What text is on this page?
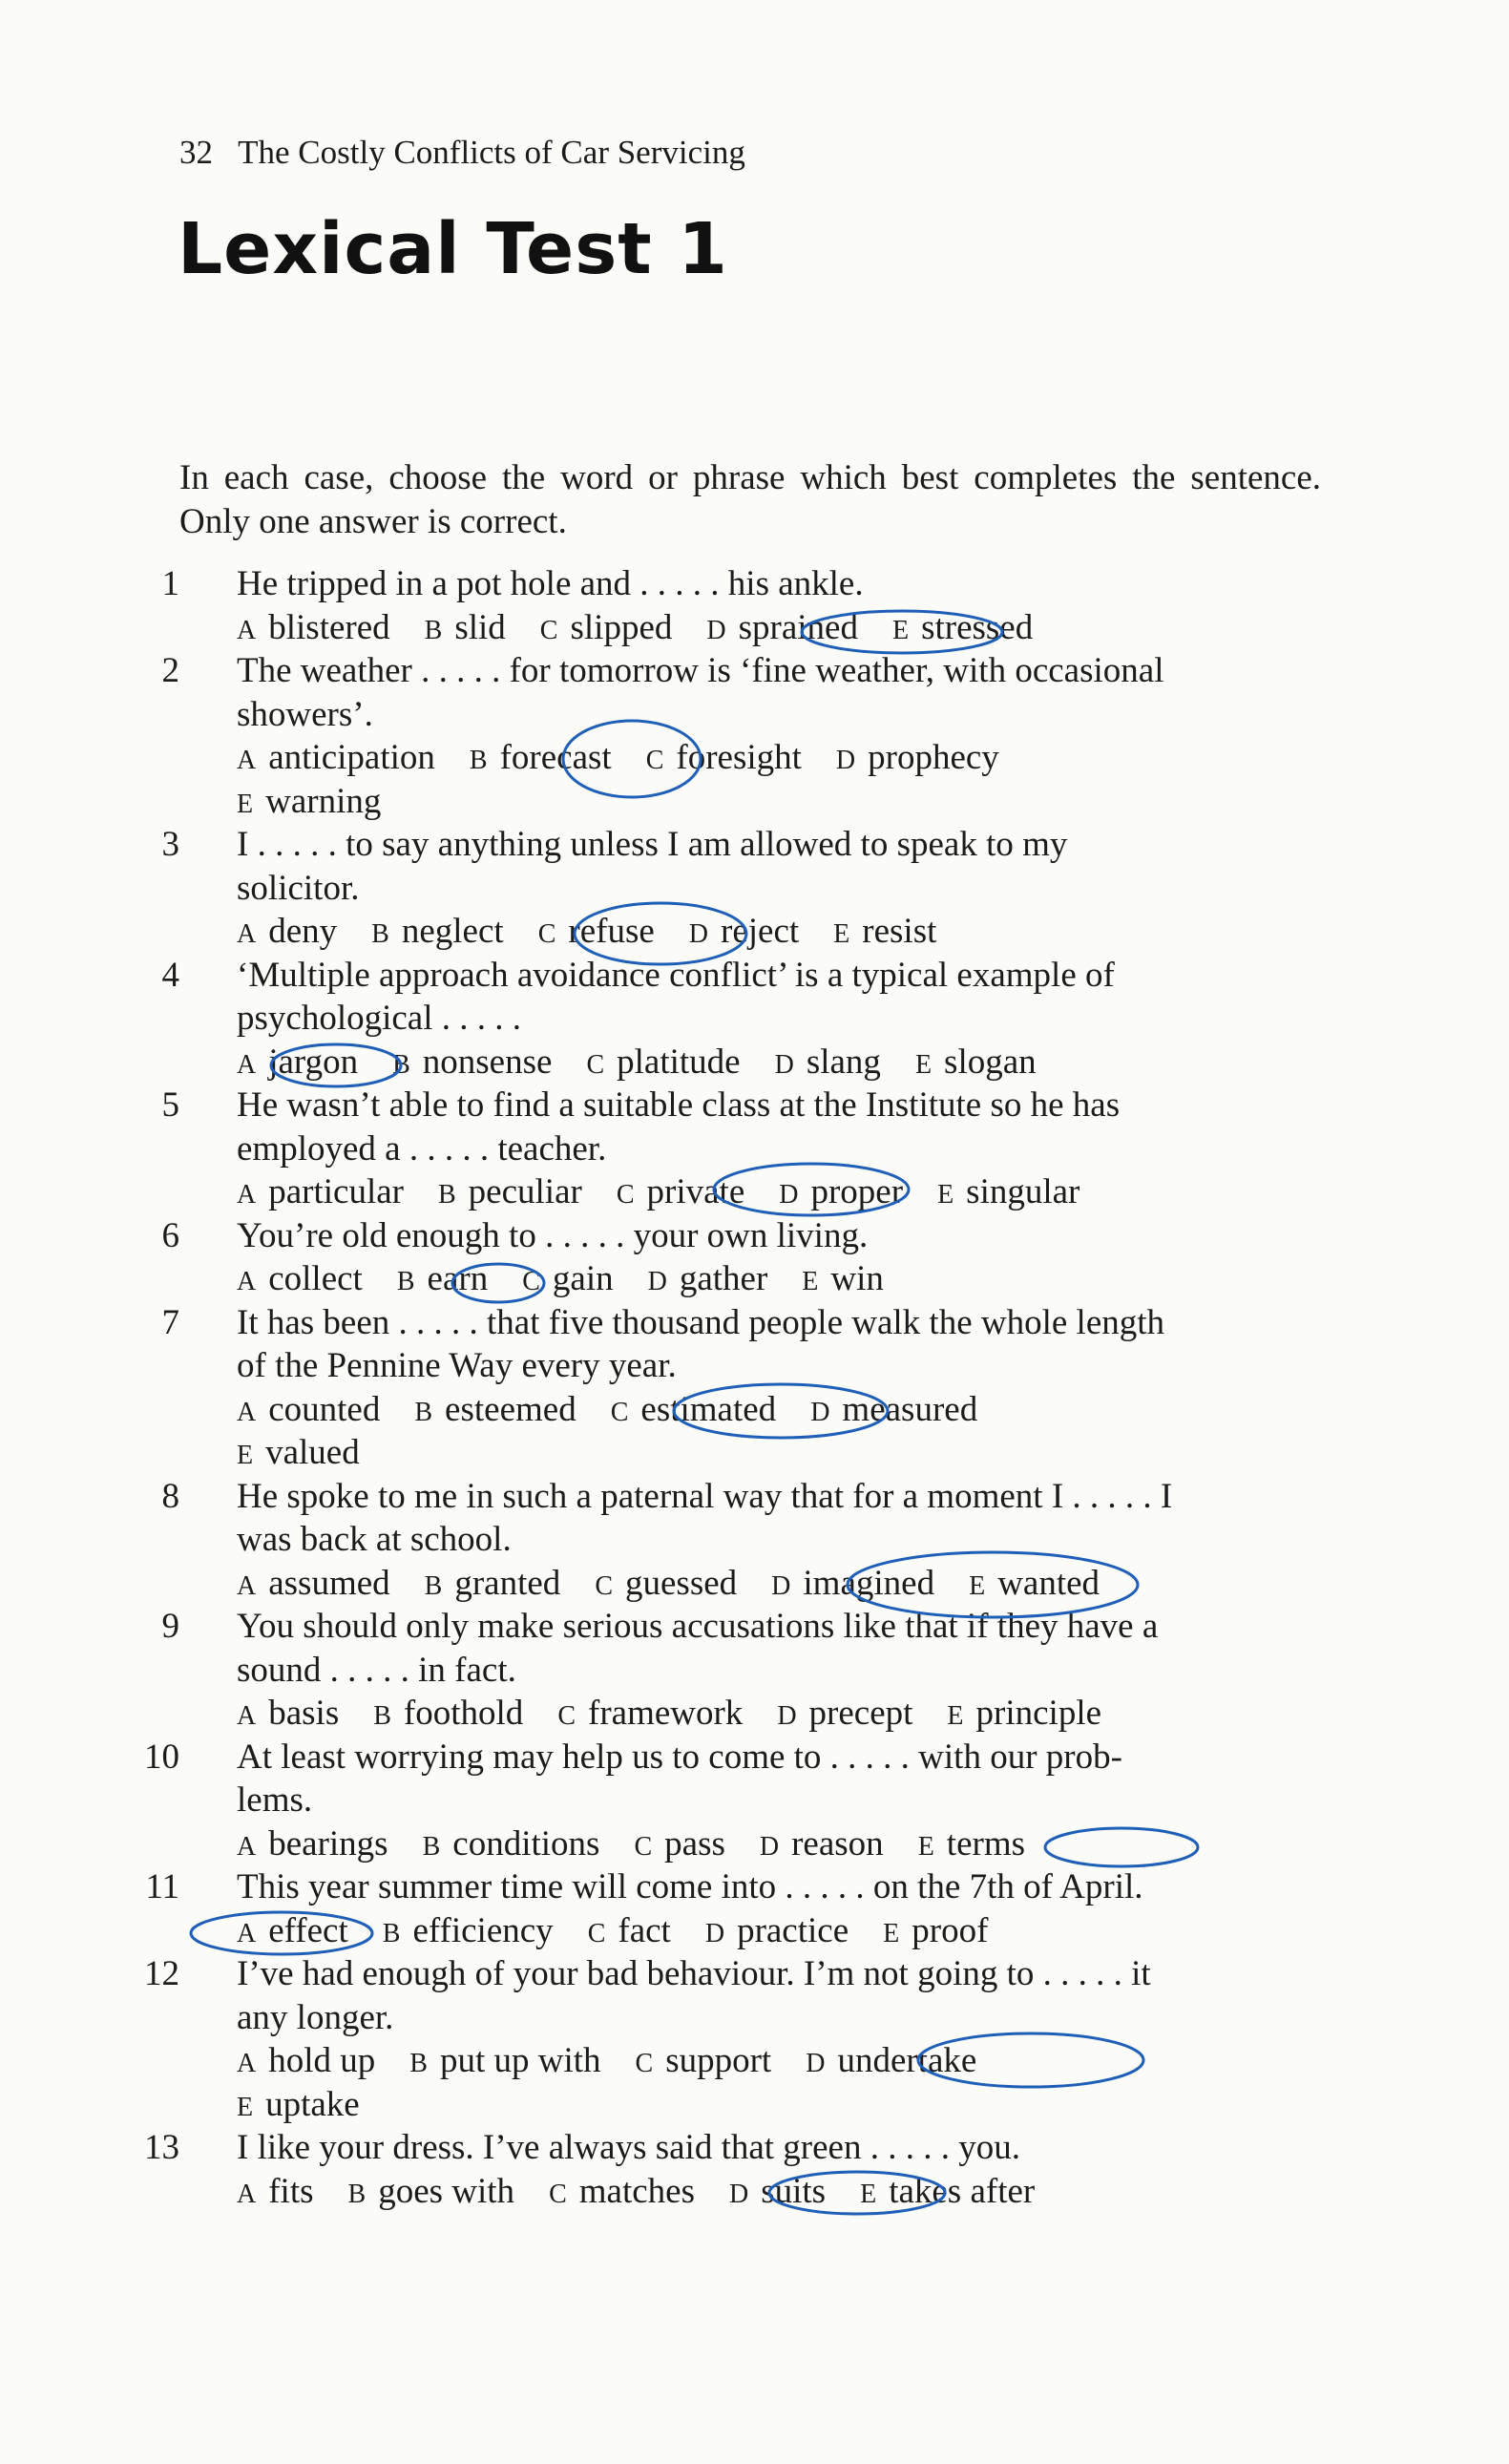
32 The Costly Conflicts of Car Servicing
Lexical Test 1
In each case, choose the word or phrase which best completes the sentence. Only one answer is correct.
1 He tripped in a pot hole and . . . . . his ankle.
A blistered B slid C slipped D sprained E stressed
2 The weather . . . . . for tomorrow is ‘fine weather, with occasional
showers’.
A anticipation B forecast C foresight D prophecy
E warning
3 I . . . . . to say anything unless I am allowed to speak to my
solicitor.
A deny B neglect C refuse D reject E resist
4 ‘Multiple approach avoidance conflict’ is a typical example of
psychological . . . . .
A jargon B nonsense C platitude D slang E slogan
5 He wasn’t able to find a suitable class at the Institute so he has
employed a . . . . . teacher.
A particular B peculiar C private D proper E singular
6 You’re old enough to . . . . . your own living.
A collect B earn C gain D gather E win
7 It has been . . . . . that five thousand people walk the whole length
of the Pennine Way every year.
A counted B esteemed C estimated D measured
E valued
8 He spoke to me in such a paternal way that for a moment I . . . . . I
was back at school.
A assumed B granted C guessed D imagined E wanted
9 You should only make serious accusations like that if they have a
sound . . . . . in fact.
A basis B foothold C framework D precept E principle
10 At least worrying may help us to come to . . . . . with our prob-
lems.
A bearings B conditions C pass D reason E terms
11 This year summer time will come into . . . . . on the 7th of April.
A effect B efficiency C fact D practice E proof
12 I’ve had enough of your bad behaviour. I’m not going to . . . . . it
any longer.
A hold up B put up with C support D undertake
E uptake
13 I like your dress. I’ve always said that green . . . . . you.
A fits B goes with C matches D suits E takes after
